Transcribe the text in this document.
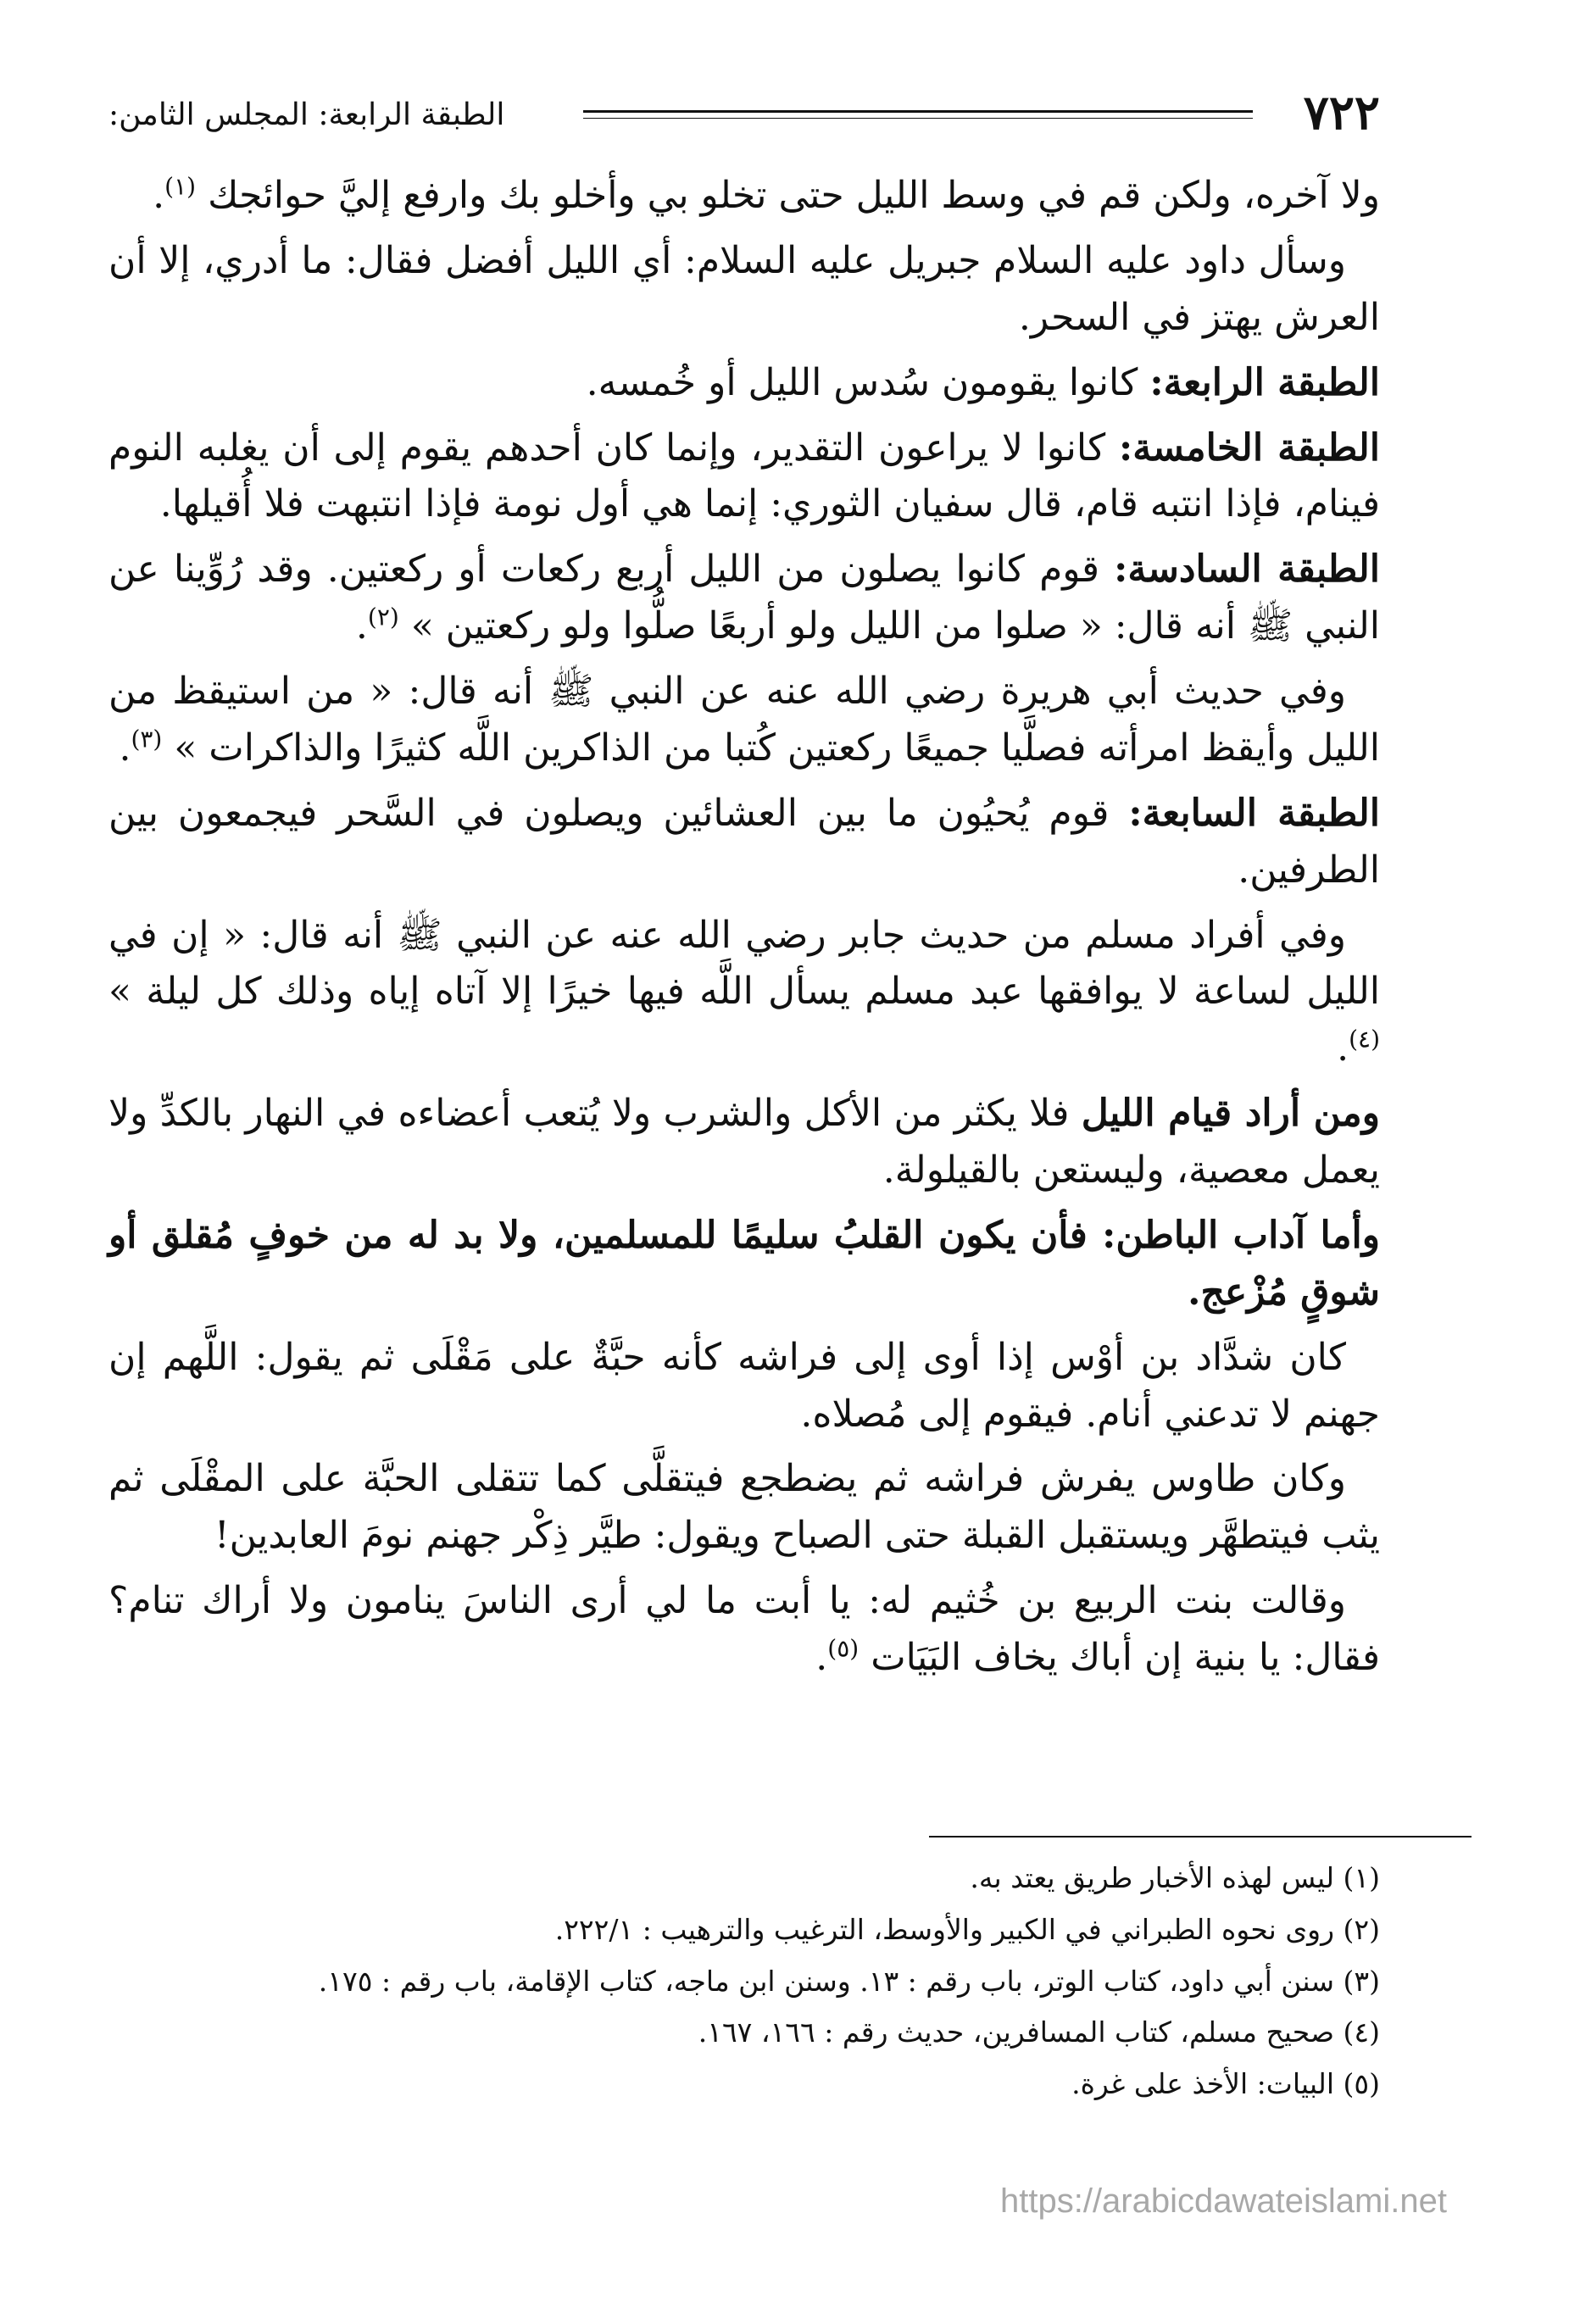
٧٢٢
الطبقة الرابعة: المجلس الثامن:

ولا آخره، ولكن قم في وسط الليل حتى تخلو بي وأخلو بك وارفع إليَّ حوائجك $^{(١)}$.

وسأل داود عليه السلام جبريل عليه السلام: أي الليل أفضل فقال: ما أدري، إلا أن العرش يهتز في السحر.

الطبقة الرابعة: كانوا يقومون سُدس الليل أو خُمسه.

الطبقة الخامسة: كانوا لا يراعون التقدير، وإنما كان أحدهم يقوم إلى أن يغلبه النوم فينام، فإذا انتبه قام، قال سفيان الثوري: إنما هي أول نومة فإذا انتبهت فلا أُقيلها.

الطبقة السادسة: قوم كانوا يصلون من الليل أربع ركعات أو ركعتين. وقد رُوِّينا عن النبي ﷺ أنه قال: « صلوا من الليل ولو أربعًا صلُّوا ولو ركعتين » $^{(٢)}$.

وفي حديث أبي هريرة رضي الله عنه عن النبي ﷺ أنه قال: « من استيقظ من الليل وأيقظ امرأته فصلَّيا جميعًا ركعتين كُتبا من الذاكرين اللَّه كثيرًا والذاكرات » $^{(٣)}$.

الطبقة السابعة: قوم يُحيُون ما بين العشائين ويصلون في السَّحر فيجمعون بين الطرفين.

وفي أفراد مسلم من حديث جابر رضي الله عنه عن النبي ﷺ أنه قال: « إن في الليل لساعة لا يوافقها عبد مسلم يسأل اللَّه فيها خيرًا إلا آتاه إياه وذلك كل ليلة » $^{(٤)}$.

ومن أراد قيام الليل فلا يكثر من الأكل والشرب ولا يُتعب أعضاءه في النهار بالكدِّ ولا يعمل معصية، وليستعن بالقيلولة.

وأما آداب الباطن: فأن يكون القلبُ سليمًا للمسلمين، ولا بد له من خوفٍ مُقلق أو شوقٍ مُزْعج.

كان شدَّاد بن أوْس إذا أوى إلى فراشه كأنه حبَّةٌ على مَقْلَى ثم يقول: اللَّهم إن جهنم لا تدعني أنام. فيقوم إلى مُصلاه.

وكان طاوس يفرش فراشه ثم يضطجع فيتقلَّى كما تتقلى الحبَّة على المقْلَى ثم يثب فيتطهَّر ويستقبل القبلة حتى الصباح ويقول: طيَّر ذِكْر جهنم نومَ العابدين!

وقالت بنت الربيع بن خُثيم له: يا أبت ما لي أرى الناسَ ينامون ولا أراك تنام؟ فقال: يا بنية إن أباك يخاف البَيَات $^{(٥)}$.

(١) ليس لهذه الأخبار طريق يعتد به.

(٢) روى نحوه الطبراني في الكبير والأوسط، الترغيب والترهيب : ٢٢٢/١.

(٣) سنن أبي داود، كتاب الوتر، باب رقم : ١٣. وسنن ابن ماجه، كتاب الإقامة، باب رقم : ١٧٥.

(٤) صحيح مسلم، كتاب المسافرين، حديث رقم : ١٦٦، ١٦٧.

(٥) البيات: الأخذ على غرة.

https://arabicdawateislami.net
